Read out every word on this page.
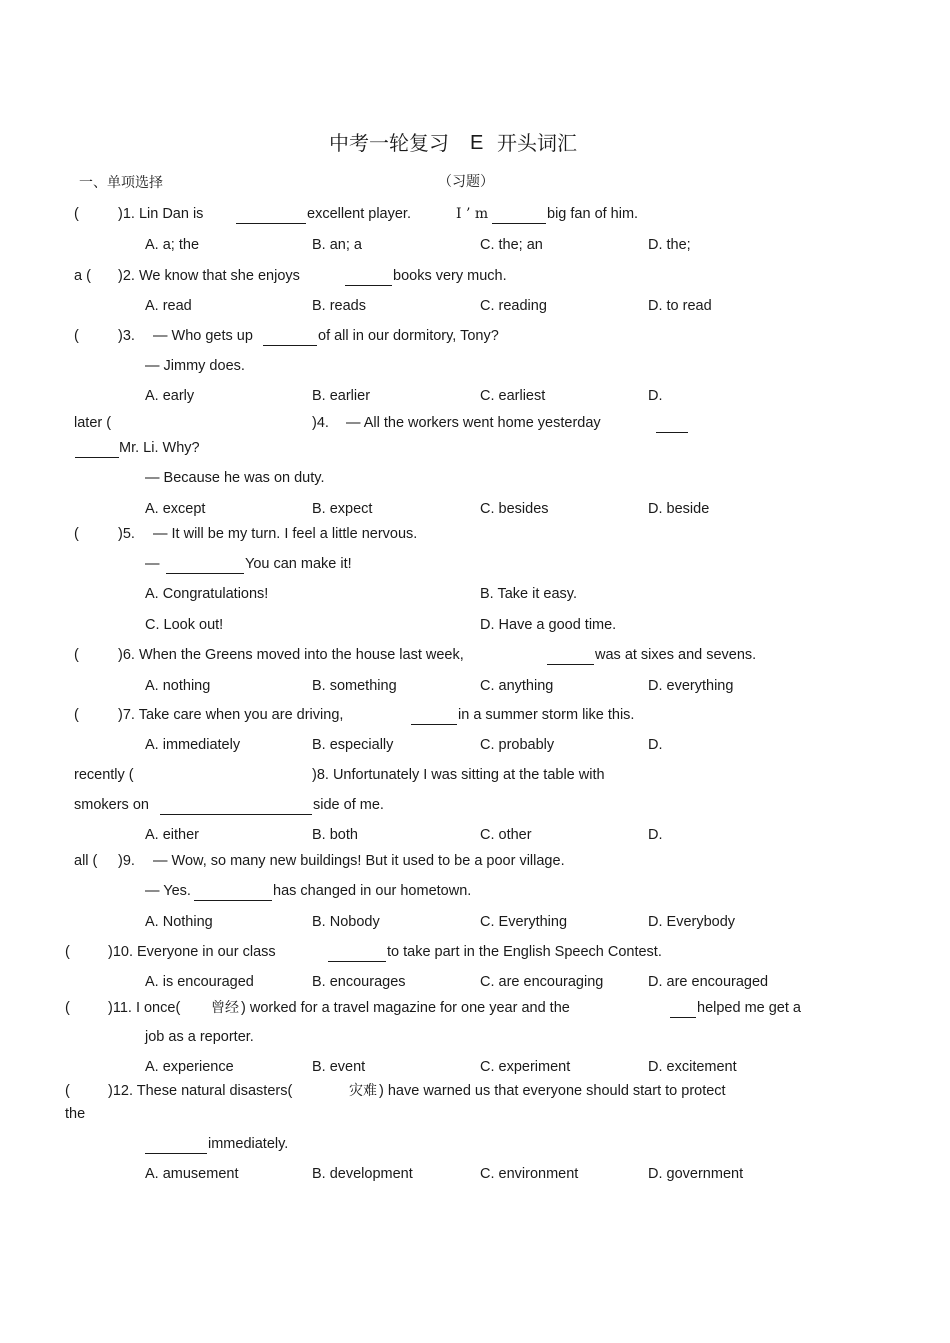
中考一轮复习 E 开头词汇
一、单项选择	（习题）
(	)1. Lin Dan is	excellent player.	I ’ m	big fan of him.
A. a; the	B. an; a	C. the; an	D. the;
a ( )2. We know that she enjoys	books very much.
A. read	B. reads	C. reading	D. to read
(	)3. — Who gets up	of all in our dormitory, Tony?
— Jimmy does.
A. early	B. earlier	C. earliest	D.
later (	)4. — All the workers went home yesterday
Mr. Li. Why?
— Because he was on duty.
A. except	B. expect	C. besides	D. beside
(	)5. — It will be my turn. I feel a little nervous.
—	You can make it!
A. Congratulations!	B. Take it easy.
C. Look out!	D. Have a good time.
(	)6. When the Greens moved into the house last week,	was at sixes and sevens.
A. nothing	B. something	C. anything	D. everything
(	)7. Take care when you are driving,	in a summer storm like this.
A. immediately	B. especially	C. probably	D.
recently (	)8. Unfortunately I was sitting at the table with
smokers on	side of me.
A. either	B. both	C. other	D.
all ( )9. — Wow, so many new buildings! But it used to be a poor village.
— Yes.	has changed in our hometown.
A. Nothing	B. Nobody	C. Everything	D. Everybody
(	)10. Everyone in our class	to take part in the English Speech Contest.
A. is encouraged	B. encourages	C. are encouraging	D. are encouraged
(	)11. I once( 曾经 ) worked for a travel magazine for one year and the	helped me get a
job as a reporter.
A. experience	B. event	C. experiment	D. excitement
(	)12. These natural disasters(	灾难 ) have warned us that everyone should start to protect
the
immediately.
A. amusement	B. development	C. environment	D. government
